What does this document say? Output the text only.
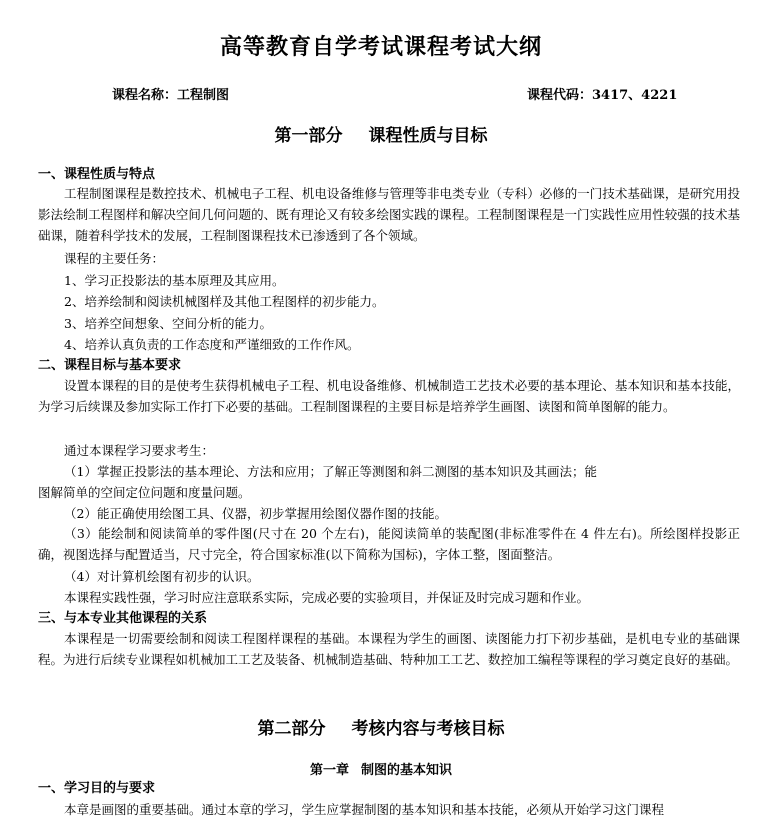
高等教育自学考试课程考试大纲
课程名称：工程制图	课程代码：3417、4221
第一部分 课程性质与目标
一、课程性质与特点
工程制图课程是数控技术、机械电子工程、机电设备维修与管理等非电类专业（专科）必修的一门技术基础课，是研究用投影法绘制工程图样和解决空间几何问题的、既有理论又有较多绘图实践的课程。工程制图课程是一门实践性应用性较强的技术基础课，随着科学技术的发展，工程制图课程技术已渗透到了各个领域。
课程的主要任务：
1、学习正投影法的基本原理及其应用。
2、培养绘制和阅读机械图样及其他工程图样的初步能力。
3、培养空间想象、空间分析的能力。
4、培养认真负责的工作态度和严谨细致的工作作风。
二、课程目标与基本要求
设置本课程的目的是使考生获得机械电子工程、机电设备维修、机械制造工艺技术必要的基本理论、基本知识和基本技能，为学习后续课及参加实际工作打下必要的基础。工程制图课程的主要目标是培养学生画图、读图和简单图解的能力。
通过本课程学习要求考生：
（1）掌握正投影法的基本理论、方法和应用；了解正等测图和斜二测图的基本知识及其画法；能
图解简单的空间定位问题和度量问题。
（2）能正确使用绘图工具、仪器，初步掌握用绘图仪器作图的技能。
（3）能绘制和阅读简单的零件图(尺寸在 20 个左右)，能阅读简单的装配图(非标准零件在 4 件左右)。所绘图样投影正确，视图选择与配置适当，尺寸完全，符合国家标准(以下简称为国标)，字体工整，图面整洁。
（4）对计算机绘图有初步的认识。
本课程实践性强，学习时应注意联系实际，完成必要的实验项目，并保证及时完成习题和作业。
三、与本专业其他课程的关系
本课程是一切需要绘制和阅读工程图样课程的基础。本课程为学生的画图、读图能力打下初步基础，是机电专业的基础课程。为进行后续专业课程如机械加工工艺及装备、机械制造基础、特种加工工艺、数控加工编程等课程的学习奠定良好的基础。
第二部分 考核内容与考核目标
第一章 制图的基本知识
一、学习目的与要求
本章是画图的重要基础。通过本章的学习，学生应掌握制图的基本知识和基本技能，必须从开始学习这门课程
